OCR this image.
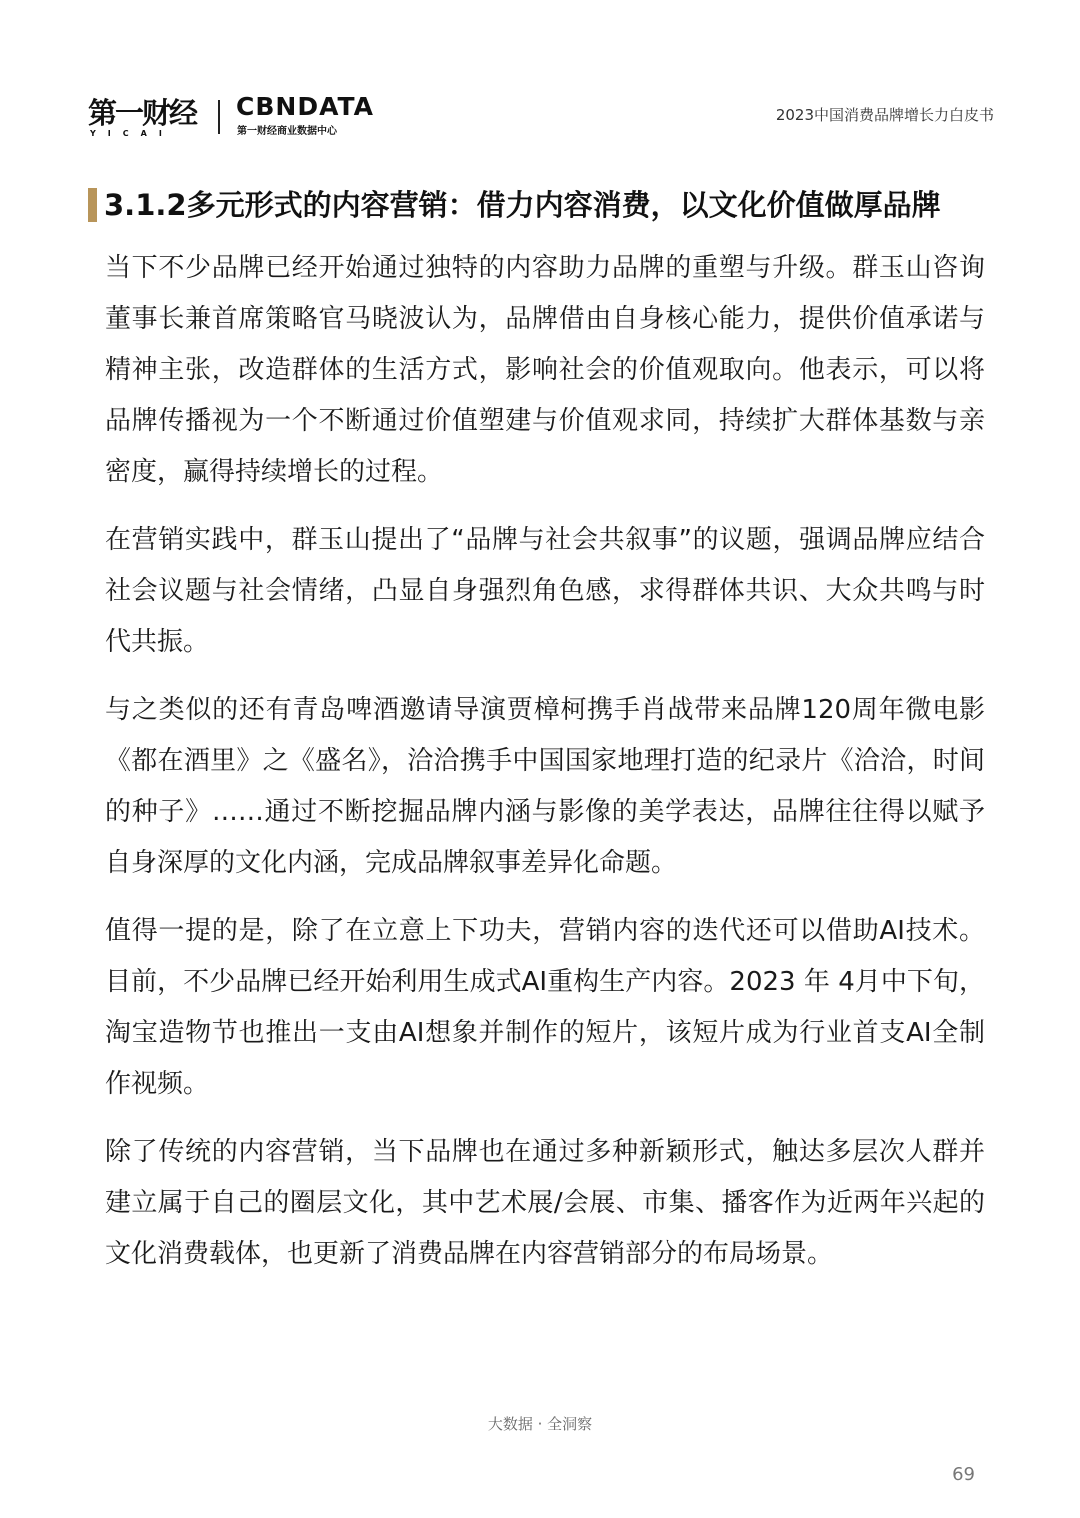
第一财经
YICAI
CBNDATA
第一财经商业数据中心
2023中国消费品牌增长力白皮书
3.1.2多元形式的内容营销：借力内容消费，以文化价值做厚品牌

当下不少品牌已经开始通过独特的内容助力品牌的重塑与升级。群玉山咨询董事长兼首席策略官马晓波认为，品牌借由自身核心能力，提供价值承诺与精神主张，改造群体的生活方式，影响社会的价值观取向。他表示，可以将品牌传播视为一个不断通过价值塑建与价值观求同，持续扩大群体基数与亲密度，赢得持续增长的过程。

在营销实践中，群玉山提出了“品牌与社会共叙事”的议题，强调品牌应结合社会议题与社会情绪，凸显自身强烈角色感，求得群体共识、大众共鸣与时代共振。

与之类似的还有青岛啤酒邀请导演贾樟柯携手肖战带来品牌120周年微电影《都在酒里》之《盛名》，洽洽携手中国国家地理打造的纪录片《洽洽，时间的种子》……通过不断挖掘品牌内涵与影像的美学表达，品牌往往得以赋予自身深厚的文化内涵，完成品牌叙事差异化命题。

值得一提的是，除了在立意上下功夫，营销内容的迭代还可以借助AI技术。目前，不少品牌已经开始利用生成式AI重构生产内容。2023 年 4月中下旬，淘宝造物节也推出一支由AI想象并制作的短片，该短片成为行业首支AI全制作视频。

除了传统的内容营销，当下品牌也在通过多种新颖形式，触达多层次人群并建立属于自己的圈层文化，其中艺术展/会展、市集、播客作为近两年兴起的文化消费载体，也更新了消费品牌在内容营销部分的布局场景。

大数据 · 全洞察
69
